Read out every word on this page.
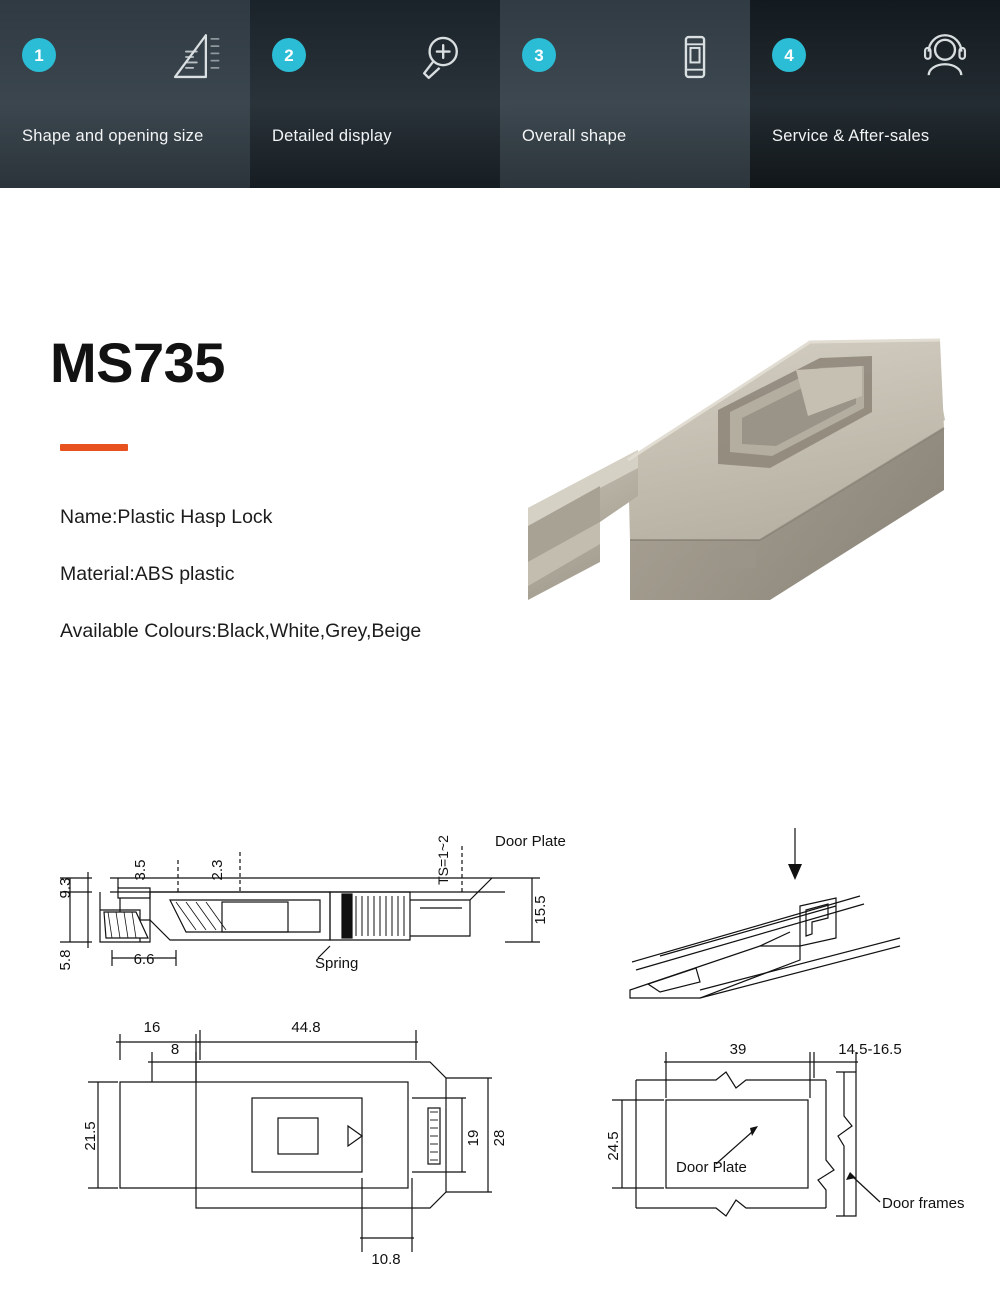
1
Shape and opening size
2
Detailed display
3
Overall shape
4
Service & After-sales
MS735
Name:Plastic Hasp Lock
Material:ABS plastic
Available Colours:Black,White,Grey,Beige
3.5	2.3
9.3
5.8	6.6
TS=1~2
15.5
Door Plate
Spring
16
8
44.8
21.5	19 28
10.8
39	14.5-16.5
24.5
Door Plate
Door frames
